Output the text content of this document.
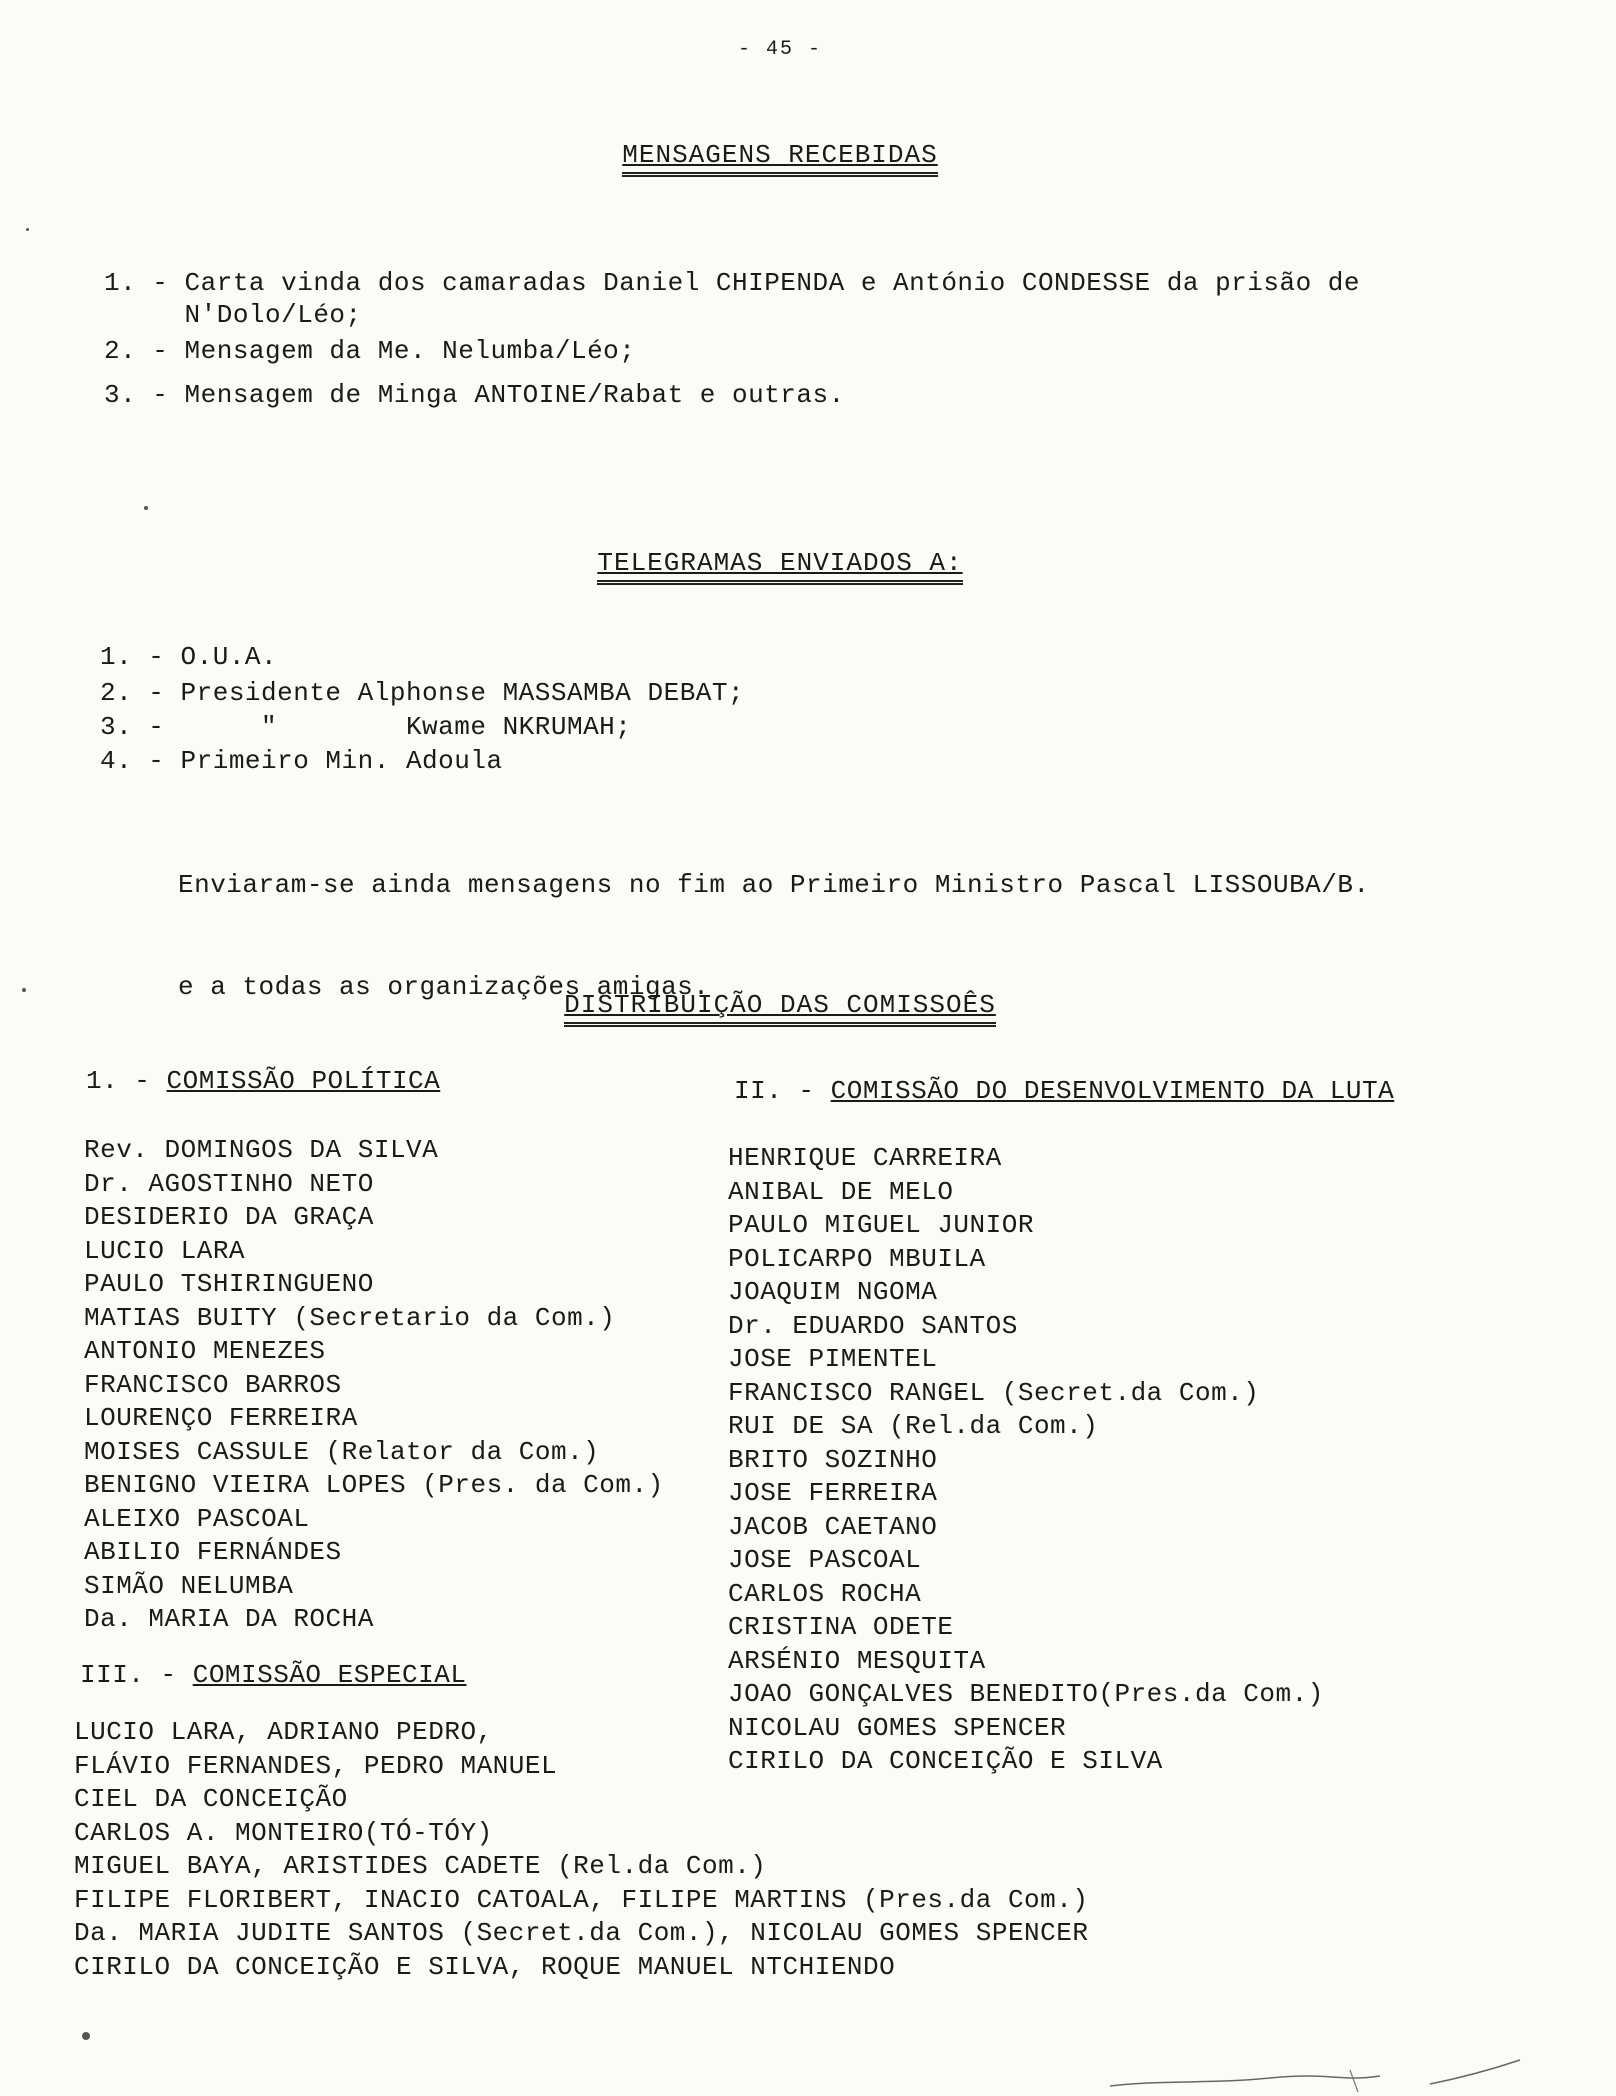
- 45 -
MENSAGENS RECEBIDAS
1. - Carta vinda dos camaradas Daniel CHIPENDA e António CONDESSE da prisão de
N'Dolo/Léo;
2. - Mensagem da Me. Nelumba/Léo;
3. - Mensagem de Minga ANTOINE/Rabat e outras.
TELEGRAMAS ENVIADOS A:
1. - O.U.A.
2. - Presidente Alphonse MASSAMBA DEBAT;
3. -      "        Kwame NKRUMAH;
4. - Primeiro Min. Adoula

Enviaram-se ainda mensagens no fim ao Primeiro Ministro Pascal LISSOUBA/B.

e a todas as organizações amigas.

DISTRIBUIÇÃO DAS COMISSOÊS
1. - COMISSÃO POLÍTICA	II. - COMISSÃO DO DESENVOLVIMENTO DA LUTA
Rev. DOMINGOS DA SILVA
Dr. AGOSTINHO NETO
DESIDERIO DA GRAÇA
LUCIO LARA
PAULO TSHIRINGUENO
MATIAS BUITY (Secretario da Com.)
ANTONIO MENEZES
FRANCISCO BARROS
LOURENÇO FERREIRA
MOISES CASSULE (Relator da Com.)
BENIGNO VIEIRA LOPES (Pres. da Com.)
ALEIXO PASCOAL
ABILIO FERNÁNDES
SIMÃO NELUMBA
Da. MARIA DA ROCHA
III. - COMISSÃO ESPECIAL
HENRIQUE CARREIRA
ANIBAL DE MELO
PAULO MIGUEL JUNIOR
POLICARPO MBUILA
JOAQUIM NGOMA
Dr. EDUARDO SANTOS
JOSE PIMENTEL
FRANCISCO RANGEL (Secret.da Com.)
RUI DE SA (Rel.da Com.)
BRITO SOZINHO
JOSE FERREIRA
JACOB CAETANO
JOSE PASCOAL
CARLOS ROCHA
CRISTINA ODETE
ARSÉNIO MESQUITA
JOAO GONÇALVES BENEDITO(Pres.da Com.)
NICOLAU GOMES SPENCER
CIRILO DA CONCEIÇÃO E SILVA
LUCIO LARA, ADRIANO PEDRO,
FLÁVIO FERNANDES, PEDRO MANUEL
CIEL DA CONCEIÇÃO
CARLOS A. MONTEIRO(TÓ-TÓY)
MIGUEL BAYA, ARISTIDES CADETE (Rel.da Com.)
FILIPE FLORIBERT, INACIO CATOALA, FILIPE MARTINS (Pres.da Com.)
Da. MARIA JUDITE SANTOS (Secret.da Com.), NICOLAU GOMES SPENCER
CIRILO DA CONCEIÇÃO E SILVA, ROQUE MANUEL NTCHIENDO
